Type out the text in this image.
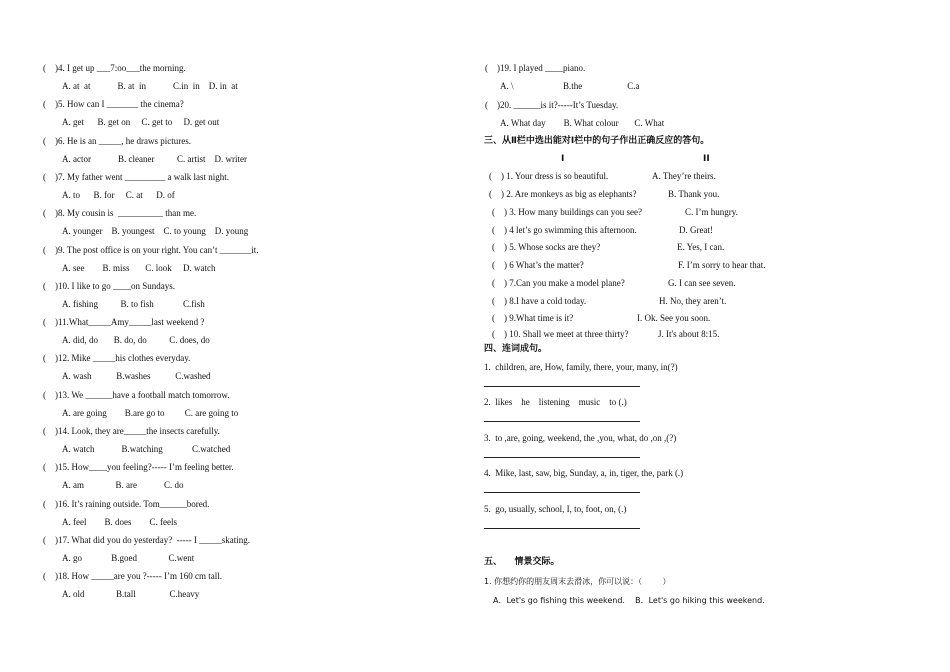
(    )4. I get up ___7:oo___the morning.
A. at  at            B. at  in            C.in  in    D. in  at
(    )5. How can I _______ the cinema?
A. get      B. get on     C. get to     D. get out
(    )6. He is an _____, he draws pictures.
A. actor            B. cleaner          C. artist    D. writer
(    )7. My father went _________ a walk last night.
A. to      B. for     C. at      D. of
(    )8. My cousin is  __________ than me.
A. younger    B. youngest    C. to young    D. young
(    )9. The post office is on your right. You can’t _______it.
A. see        B. miss       C. look     D. watch
(    )10. I like to go ____on Sundays.
A. fishing          B. to fish             C.fish
(    )11.What_____Amy_____last weekend ?
A. did, do       B. do, do          C. does, do
(    )12. Mike _____his clothes everyday.
A. wash           B.washes           C.washed
(    )13. We ______have a football match tomorrow.
A. are going        B.are go to         C. are going to
(    )14. Look, they are_____the insects carefully.
A. watch            B.watching             C.watched
(    )15. How____you feeling?----- I’m feeling better.
A. am              B. are            C. do
(    )16. It’s raining outside. Tom______bored.
A. feel        B. does        C. feels
(    )17. What did you do yesterday?  ----- I _____skating.
A. go             B.goed              C.went
(    )18. How _____are you ?----- I’m 160 cm tall.
A. old              B.tall               C.heavy
(    )19. I played ____piano.
A. \                      B.the                    C.a
(    )20. ______is it?-----It’s Tuesday.
A. What day        B. What colour       C. What
三、从Ⅱ栏中选出能对Ⅰ栏中的句子作出正确反应的答句。
I	II
(    ) 1. Your dress is so beautiful.	A. They’re theirs.
(    ) 2. Are monkeys as big as elephants?	B. Thank you.
(    ) 3. How many buildings can you see?	C. I’m hungry.
(    ) 4 let’s go swimming this afternoon.	D. Great!
(    ) 5. Whose socks are they?	E. Yes, I can.
(    ) 6 What’s the matter?	F. I’m sorry to hear that.
(    ) 7.Can you make a model plane?	G. I can see seven.
(    ) 8.I have a cold today.	H. No, they aren’t.
(    ) 9.What time is it?	I. Ok. See you soon.
(    ) 10. Shall we meet at three thirty?	J. It's about 8:15.
四、连词成句。
1.  children, are, How, family, there, your, many, in(?)
2.  likes    he    listening    music    to (.)
3.  to ,are, going, weekend, the ,you, what, do ,on ,(?)
4.  Mike, last, saw, big, Sunday, a, in, tiger, the, park (.)
5.  go, usually, school, I, to, foot, on, (.)
五、    情景交际。
1. 你想约你的朋友周末去滑冰，你可以说：（        ）
A．Let's go fishing this weekend.    B．Let's go hiking this weekend.
